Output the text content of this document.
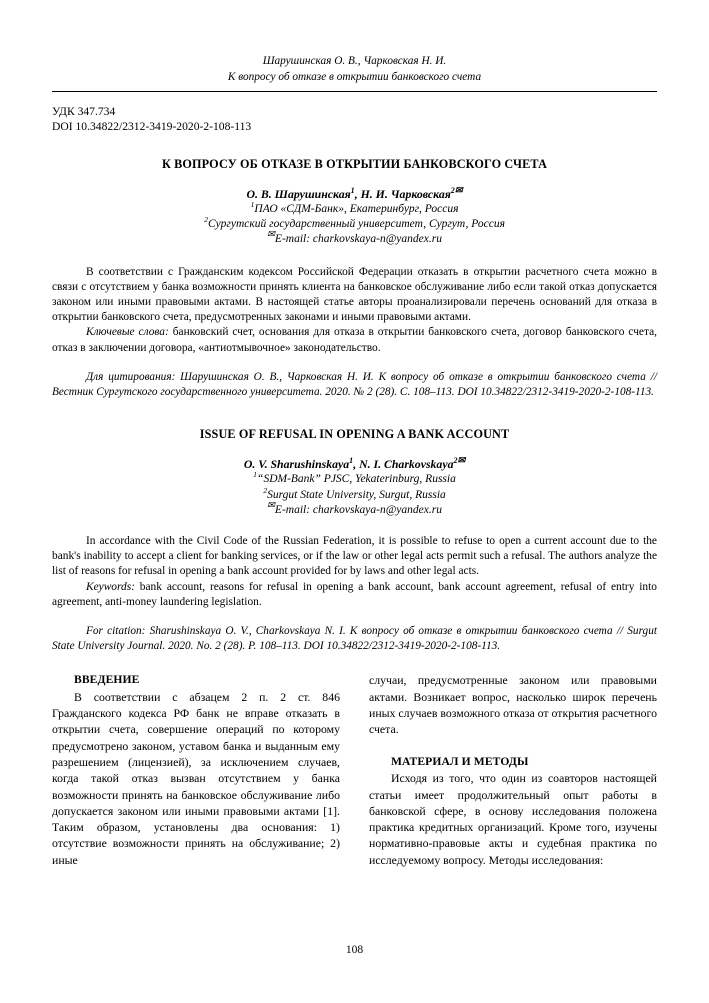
Шарушинская О. В., Чарковская Н. И.
К вопросу об отказе в открытии банковского счета
УДК 347.734
DOI 10.34822/2312-3419-2020-2-108-113
К ВОПРОСУ ОБ ОТКАЗЕ В ОТКРЫТИИ БАНКОВСКОГО СЧЕТА
О. В. Шарушинская$^1$, Н. И. Чарковская$^{2✉}$
$^1$ПАО «СДМ-Банк», Екатеринбург, Россия
$^2$Сургутский государственный университет, Сургут, Россия
✉E-mail: charkovskaya-n@yandex.ru
В соответствии с Гражданским кодексом Российской Федерации отказать в открытии расчетного счета можно в связи с отсутствием у банка возможности принять клиента на банковское обслуживание либо если такой отказ допускается законом или иными правовыми актами. В настоящей статье авторы проанализировали перечень оснований для отказа в открытии банковского счета, предусмотренных законами и иными правовыми актами.
Ключевые слова: банковский счет, основания для отказа в открытии банковского счета, договор банковского счета, отказ в заключении договора, «антиотмывочное» законодательство.
Для цитирования: Шарушинская О. В., Чарковская Н. И. К вопросу об отказе в открытии банковского счета // Вестник Сургутского государственного университета. 2020. № 2 (28). С. 108–113. DOI 10.34822/2312-3419-2020-2-108-113.
ISSUE OF REFUSAL IN OPENING A BANK ACCOUNT
O. V. Sharushinskaya$^1$, N. I. Charkovskaya$^{2✉}$
$^1$“SDM-Bank” PJSC, Yekaterinburg, Russia
$^2$Surgut State University, Surgut, Russia
✉E-mail: charkovskaya-n@yandex.ru
In accordance with the Civil Code of the Russian Federation, it is possible to refuse to open a current account due to the bank's inability to accept a client for banking services, or if the law or other legal acts permit such a refusal. The authors analyze the list of reasons for refusal in opening a bank account provided for by laws and other legal acts.
Keywords: bank account, reasons for refusal in opening a bank account, bank account agreement, refusal of entry into agreement, anti-money laundering legislation.
For citation: Sharushinskaya O. V., Charkovskaya N. I. К вопросу об отказе в открытии банковского счета // Surgut State University Journal. 2020. No. 2 (28). P. 108–113. DOI 10.34822/2312-3419-2020-2-108-113.
ВВЕДЕНИЕ

В соответствии с абзацем 2 п. 2 ст. 846 Гражданского кодекса РФ банк не вправе отказать в открытии счета, совершение операций по которому предусмотрено законом, уставом банка и выданным ему разрешением (лицензией), за исключением случаев, когда такой отказ вызван отсутствием у банка возможности принять на банковское обслуживание либо допускается законом или иными правовыми актами [1]. Таким образом, установлены два основания: 1) отсутствие возможности принять на обслуживание; 2) иные

случаи, предусмотренные законом или правовыми актами. Возникает вопрос, насколько широк перечень иных случаев возможного отказа от открытия расчетного счета.

МАТЕРИАЛ И МЕТОДЫ

Исходя из того, что один из соавторов настоящей статьи имеет продолжительный опыт работы в банковской сфере, в основу исследования положена практика кредитных организаций. Кроме того, изучены нормативно-правовые акты и судебная практика по исследуемому вопросу. Методы исследования:

108
